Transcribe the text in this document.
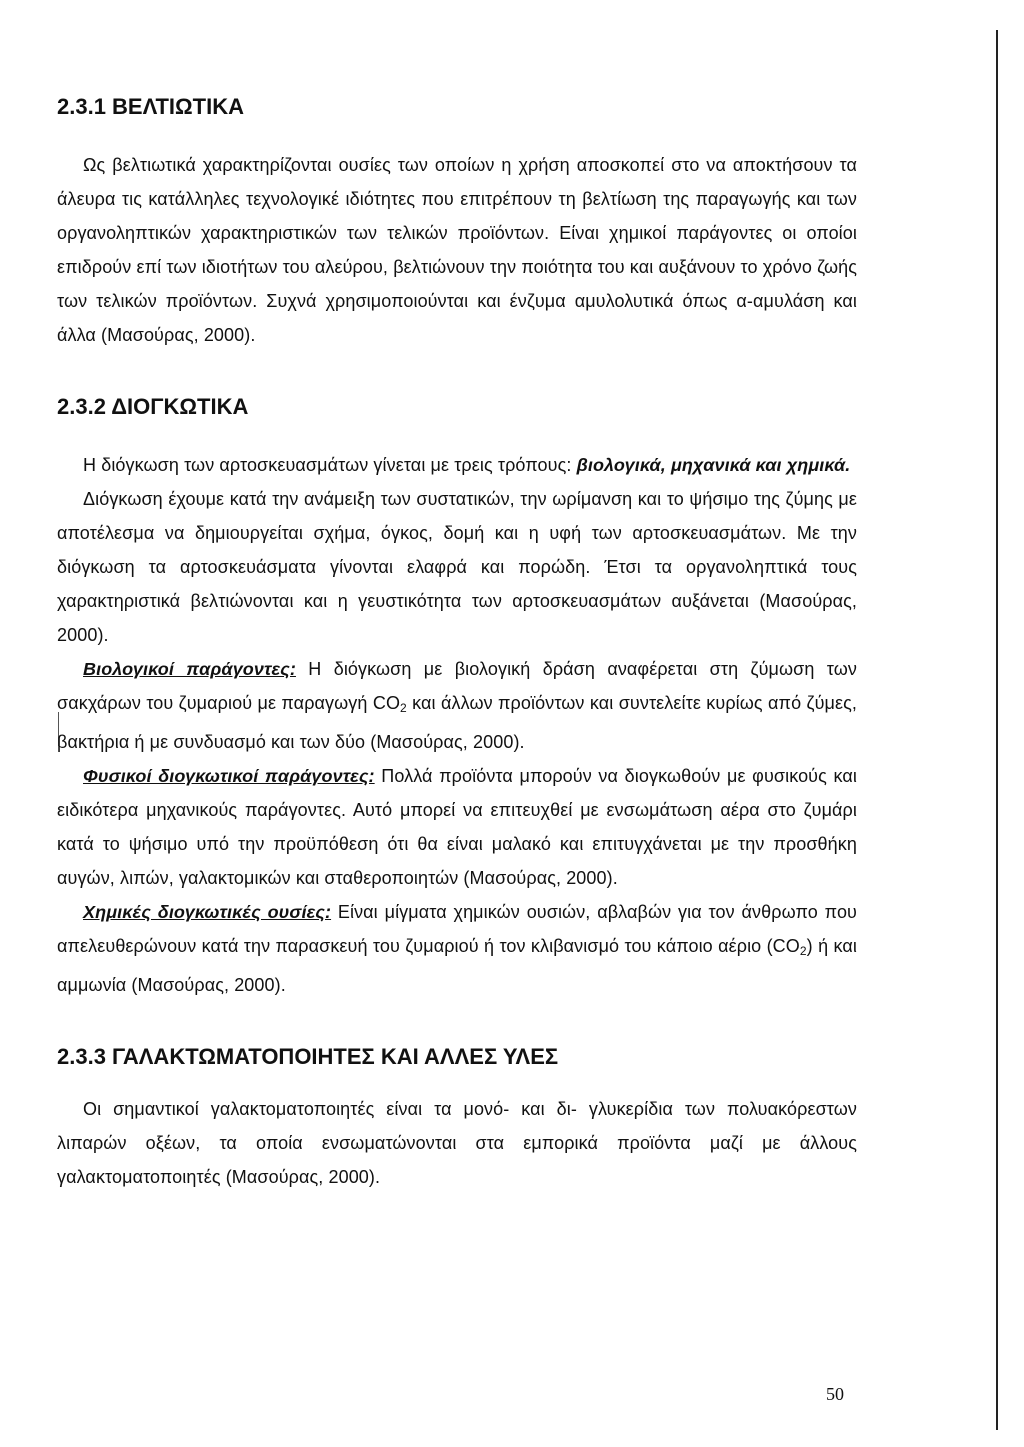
2.3.1 ΒΕΛΤΙΩΤΙΚΑ

Ως βελτιωτικά χαρακτηρίζονται ουσίες των οποίων η χρήση αποσκοπεί στο να αποκτήσουν τα άλευρα τις κατάλληλες τεχνολογικέ ιδιότητες που επιτρέπουν τη βελτίωση της παραγωγής και των οργανοληπτικών χαρακτηριστικών των τελικών προϊόντων. Είναι χημικοί παράγοντες οι οποίοι επιδρούν επί των ιδιοτήτων του αλεύρου, βελτιώνουν την ποιότητα του και αυξάνουν το χρόνο ζωής των τελικών προϊόντων. Συχνά χρησιμοποιούνται και ένζυμα αμυλολυτικά όπως α-αμυλάση και άλλα (Μασούρας, 2000).

2.3.2 ΔΙΟΓΚΩΤΙΚΑ

Η διόγκωση των αρτοσκευασμάτων γίνεται με τρεις τρόπους: βιολογικά, μηχανικά και χημικά.

Διόγκωση έχουμε κατά την ανάμειξη των συστατικών, την ωρίμανση και το ψήσιμο της ζύμης με αποτέλεσμα να δημιουργείται σχήμα, όγκος, δομή και η υφή των αρτοσκευασμάτων. Με την διόγκωση τα αρτοσκευάσματα γίνονται ελαφρά και πορώδη. Έτσι τα οργανοληπτικά τους χαρακτηριστικά βελτιώνονται και η γευστικότητα των αρτοσκευασμάτων αυξάνεται (Μασούρας, 2000).

Βιολογικοί παράγοντες: Η διόγκωση με βιολογική δράση αναφέρεται στη ζύμωση των σακχάρων του ζυμαριού με παραγωγή $CO_2$ και άλλων προϊόντων και συντελείτε κυρίως από ζύμες, βακτήρια ή με συνδυασμό και των δύο (Μασούρας, 2000).

Φυσικοί διογκωτικοί παράγοντες: Πολλά προϊόντα μπορούν να διογκωθούν με φυσικούς και ειδικότερα μηχανικούς παράγοντες. Αυτό μπορεί να επιτευχθεί με ενσωμάτωση αέρα στο ζυμάρι κατά το ψήσιμο υπό την προϋπόθεση ότι θα είναι μαλακό και επιτυγχάνεται με την προσθήκη αυγών, λιπών, γαλακτομικών και σταθεροποιητών (Μασούρας, 2000).

Χημικές διογκωτικές ουσίες: Είναι μίγματα χημικών ουσιών, αβλαβών για τον άνθρωπο που απελευθερώνουν κατά την παρασκευή του ζυμαριού ή τον κλιβανισμό του κάποιο αέριο $(CO_2)$ ή και αμμωνία (Μασούρας, 2000).

2.3.3 ΓΑΛΑΚΤΩΜΑΤΟΠΟΙΗΤΕΣ ΚΑΙ ΑΛΛΕΣ ΥΛΕΣ

Οι σημαντικοί γαλακτοματοποιητές είναι τα μονό- και δι- γλυκερίδια των πολυακόρεστων λιπαρών οξέων, τα οποία ενσωματώνονται στα εμπορικά προϊόντα μαζί με άλλους γαλακτοματοποιητές (Μασούρας, 2000).

50
